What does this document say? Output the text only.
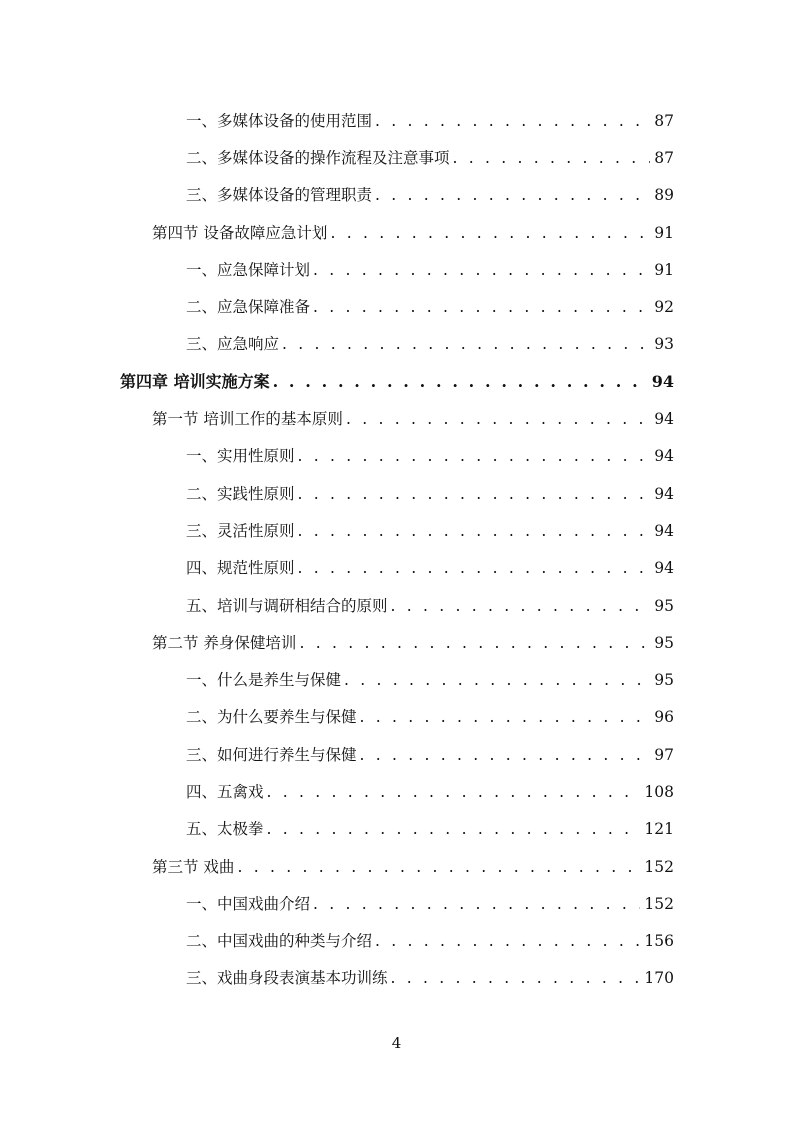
一、多媒体设备的使用范围 . . .	87
二、多媒体设备的操作流程及注意事项 . . .	87
三、多媒体设备的管理职责 . . .	89
第四节 设备故障应急计划 . . .	91
一、应急保障计划 . . .	91
二、应急保障准备 . . .	92
三、应急响应 . . .	93
第四章 培训实施方案 . . .	94
第一节 培训工作的基本原则 . . .	94
一、实用性原则 . . .	94
二、实践性原则 . . .	94
三、灵活性原则 . . .	94
四、规范性原则 . . .	94
五、培训与调研相结合的原则 . . .	95
第二节 养身保健培训 . . .	95
一、什么是养生与保健 . . .	95
二、为什么要养生与保健 . . .	96
三、如何进行养生与保健 . . .	97
四、五禽戏 . . .	108
五、太极拳 . . .	121
第三节 戏曲 . . .	152
一、中国戏曲介绍 . . .	152
二、中国戏曲的种类与介绍 . . .	156
三、戏曲身段表演基本功训练 . . .	170
4
